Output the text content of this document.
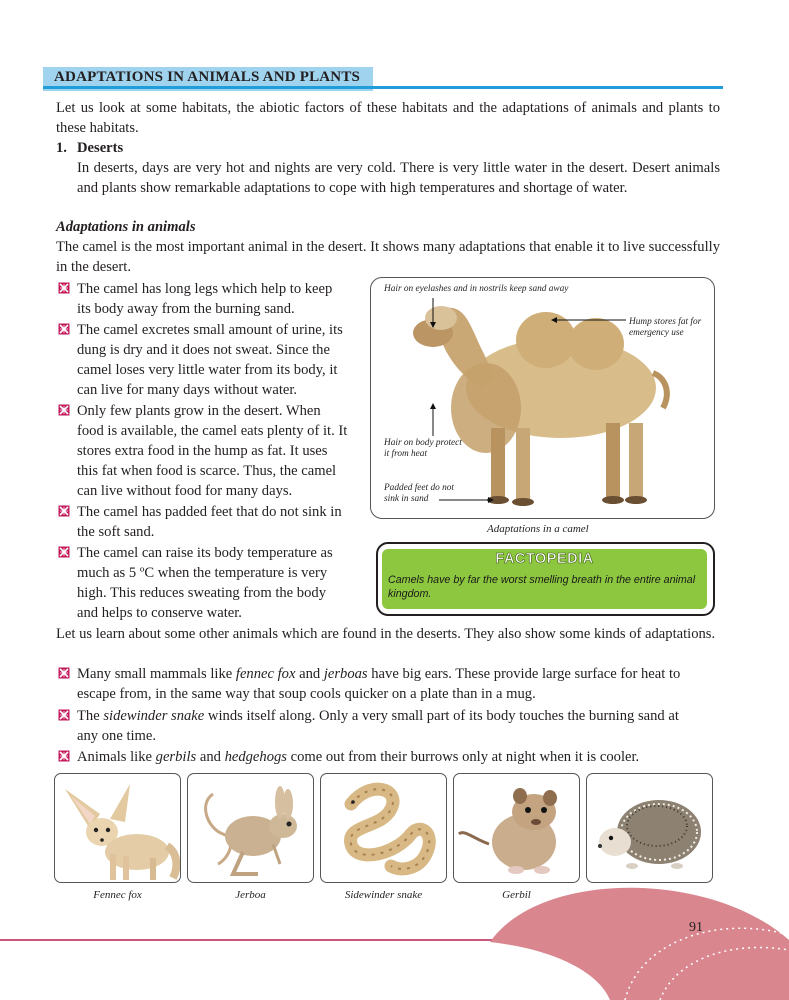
ADAPTATIONS IN ANIMALS AND PLANTS
Let us look at some habitats, the abiotic factors of these habitats and the adaptations of animals and plants to these habitats.
1. Deserts
In deserts, days are very hot and nights are very cold. There is very little water in the desert. Desert animals and plants show remarkable adaptations to cope with high temperatures and shortage of water.
Adaptations in animals
The camel is the most important animal in the desert. It shows many adaptations that enable it to live successfully in the desert.
The camel has long legs which help to keep
its body away from the burning sand.
The camel excretes small amount of urine, its
dung is dry and it does not sweat. Since the
camel loses very little water from its body, it
can live for many days without water.
Only few plants grow in the desert. When
food is available, the camel eats plenty of it. It
stores extra food in the hump as fat. It uses
this fat when food is scarce. Thus, the camel
can live without food for many days.
The camel has padded feet that do not sink in
the soft sand.
The camel can raise its body temperature as
much as 5 ºC when the temperature is very
high. This reduces sweating from the body
and helps to conserve water.
Hair on eyelashes and in nostrils keep sand away
Hump stores fat for
emergency use
Hair on body protect
it from heat
Padded feet do not
sink in sand
Adaptations in a camel
FACTOPEDIA
Camels have by far the worst smelling breath in the entire animal kingdom.
Let us learn about some other animals which are found in the deserts. They also show some kinds of adaptations.
Many small mammals like fennec fox and jerboas have big ears. These provide large surface for heat to
escape from, in the same way that soup cools quicker on a plate than in a mug.
The sidewinder snake winds itself along. Only a very small part of its body touches the burning sand at
any one time.
Animals like gerbils and hedgehogs come out from their burrows only at night when it is cooler.
Fennec fox	Jerboa	Sidewinder snake	Gerbil
91
